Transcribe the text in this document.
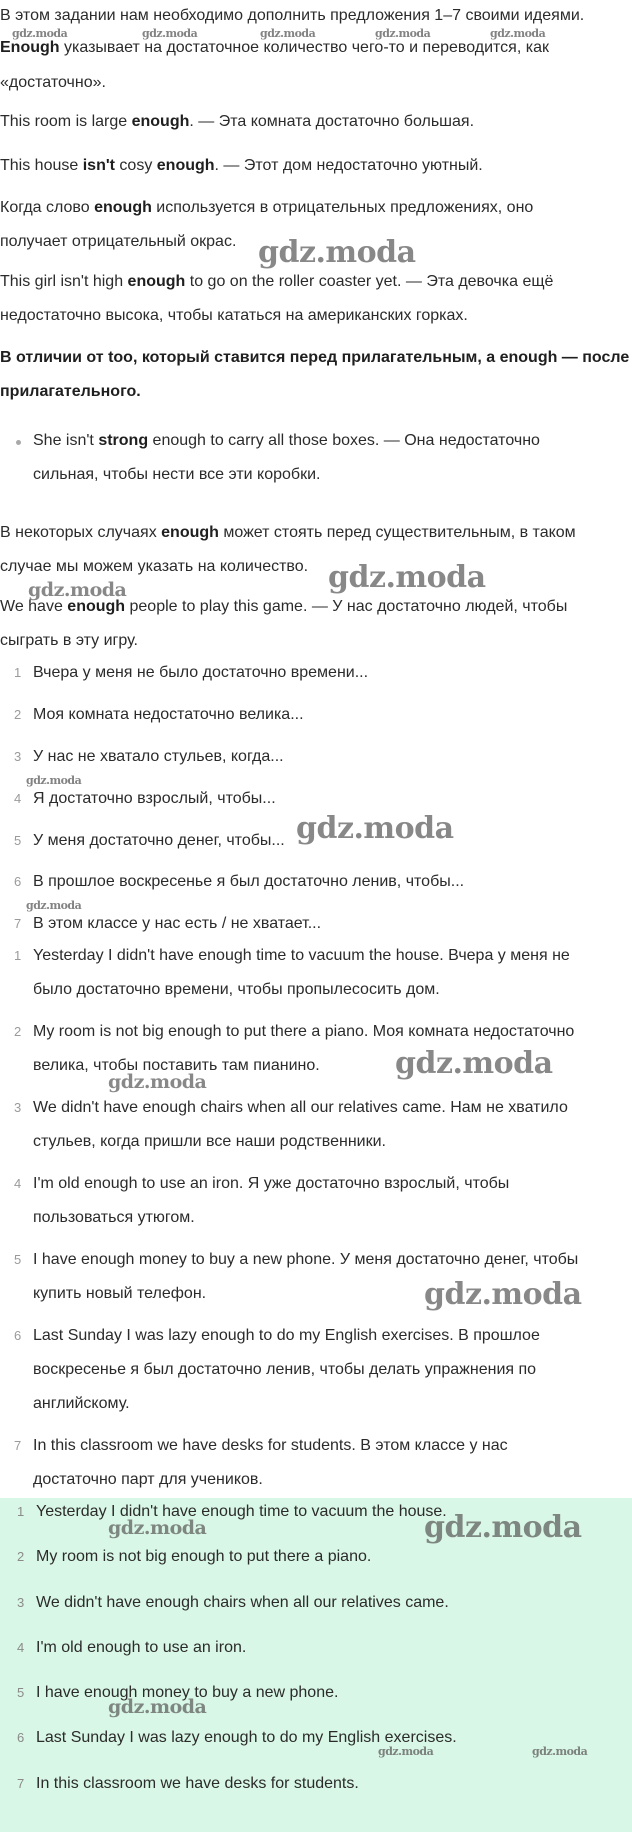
В этом задании нам необходимо дополнить предложения 1–7 своими идеями.
Enough указывает на достаточное количество чего-то и переводится, как
«достаточно».
This room is large enough. — Эта комната достаточно большая.
This house isn't cosy enough. — Этот дом недостаточно уютный.
Когда слово enough используется в отрицательных предложениях, оно
получает отрицательный окрас.
This girl isn't high enough to go on the roller coaster yet. — Эта девочка ещё
недостаточно высока, чтобы кататься на американских горках.
В отличии от too, который ставится перед прилагательным, а enough — после
прилагательного.
She isn't strong enough to carry all those boxes. — Она недостаточно
сильная, чтобы нести все эти коробки.
В некоторых случаях enough может стоять перед существительным, в таком
случае мы можем указать на количество.
We have enough people to play this game. — У нас достаточно людей, чтобы
сыграть в эту игру.
1 Вчера у меня не было достаточно времени...
2 Моя комната недостаточно велика...
3 У нас не хватало стульев, когда...
4 Я достаточно взрослый, чтобы...
5 У меня достаточно денег, чтобы...
6 В прошлое воскресенье я был достаточно ленив, чтобы...
7 В этом классе у нас есть / не хватает...
1 Yesterday I didn't have enough time to vacuum the house. Вчера у меня не
было достаточно времени, чтобы пропылесосить дом.
2 My room is not big enough to put there a piano. Моя комната недостаточно
велика, чтобы поставить там пианино.
3 We didn't have enough chairs when all our relatives came. Нам не хватило
стульев, когда пришли все наши родственники.
4 I'm old enough to use an iron. Я уже достаточно взрослый, чтобы
пользоваться утюгом.
5 I have enough money to buy a new phone. У меня достаточно денег, чтобы
купить новый телефон.
6 Last Sunday I was lazy enough to do my English exercises. В прошлое
воскресенье я был достаточно ленив, чтобы делать упражнения по
английскому.
7 In this classroom we have desks for students. В этом классе у нас
достаточно парт для учеников.
1 Yesterday I didn't have enough time to vacuum the house.
2 My room is not big enough to put there a piano.
3 We didn't have enough chairs when all our relatives came.
4 I'm old enough to use an iron.
5 I have enough money to buy a new phone.
6 Last Sunday I was lazy enough to do my English exercises.
7 In this classroom we have desks for students.
gdz.moda	gdz.moda	gdz.moda	gdz.moda	gdz.moda
gdz.moda
gdz.moda	gdz.moda
gdz.moda
gdz.moda
gdz.moda
gdz.moda
gdz.moda
gdz.moda
gdz.moda	gdz.moda
gdz.moda
gdz.moda	gdz.moda
